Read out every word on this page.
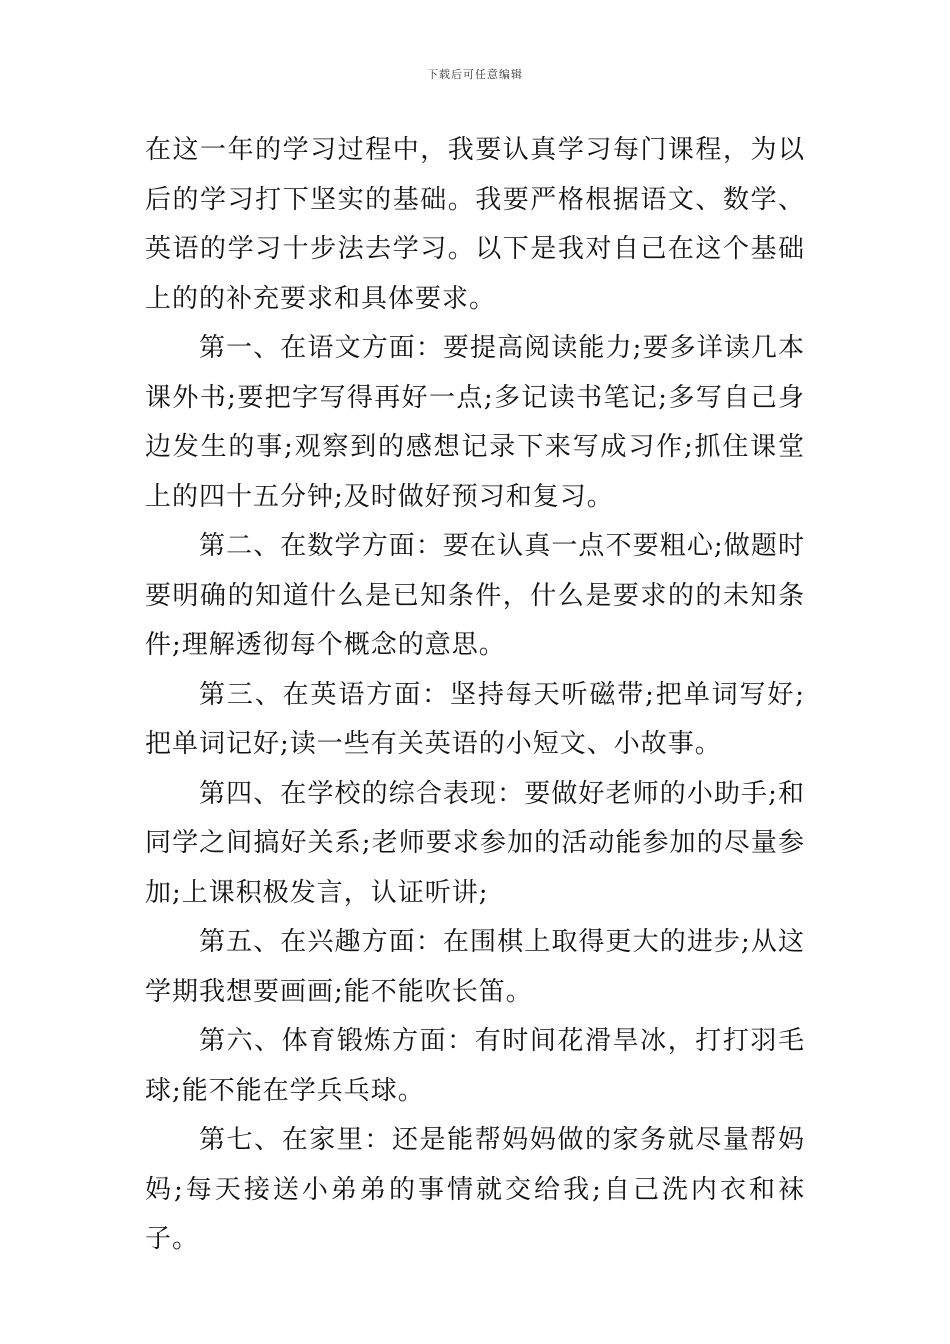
下载后可任意编辑

在这一年的学习过程中，我要认真学习每门课程，为以后的学习打下坚实的基础。我要严格根据语文、数学、英语的学习十步法去学习。以下是我对自己在这个基础上的的补充要求和具体要求。

第一、在语文方面：要提高阅读能力;要多详读几本课外书;要把字写得再好一点;多记读书笔记;多写自己身边发生的事;观察到的感想记录下来写成习作;抓住课堂上的四十五分钟;及时做好预习和复习。

第二、在数学方面：要在认真一点不要粗心;做题时要明确的知道什么是已知条件，什么是要求的的未知条件;理解透彻每个概念的意思。

第三、在英语方面：坚持每天听磁带;把单词写好;把单词记好;读一些有关英语的小短文、小故事。

第四、在学校的综合表现：要做好老师的小助手;和同学之间搞好关系;老师要求参加的活动能参加的尽量参加;上课积极发言，认证听讲;

第五、在兴趣方面：在围棋上取得更大的进步;从这学期我想要画画;能不能吹长笛。

第六、体育锻炼方面：有时间花滑旱冰，打打羽毛球;能不能在学兵乓球。

第七、在家里：还是能帮妈妈做的家务就尽量帮妈妈;每天接送小弟弟的事情就交给我;自己洗内衣和袜子。
